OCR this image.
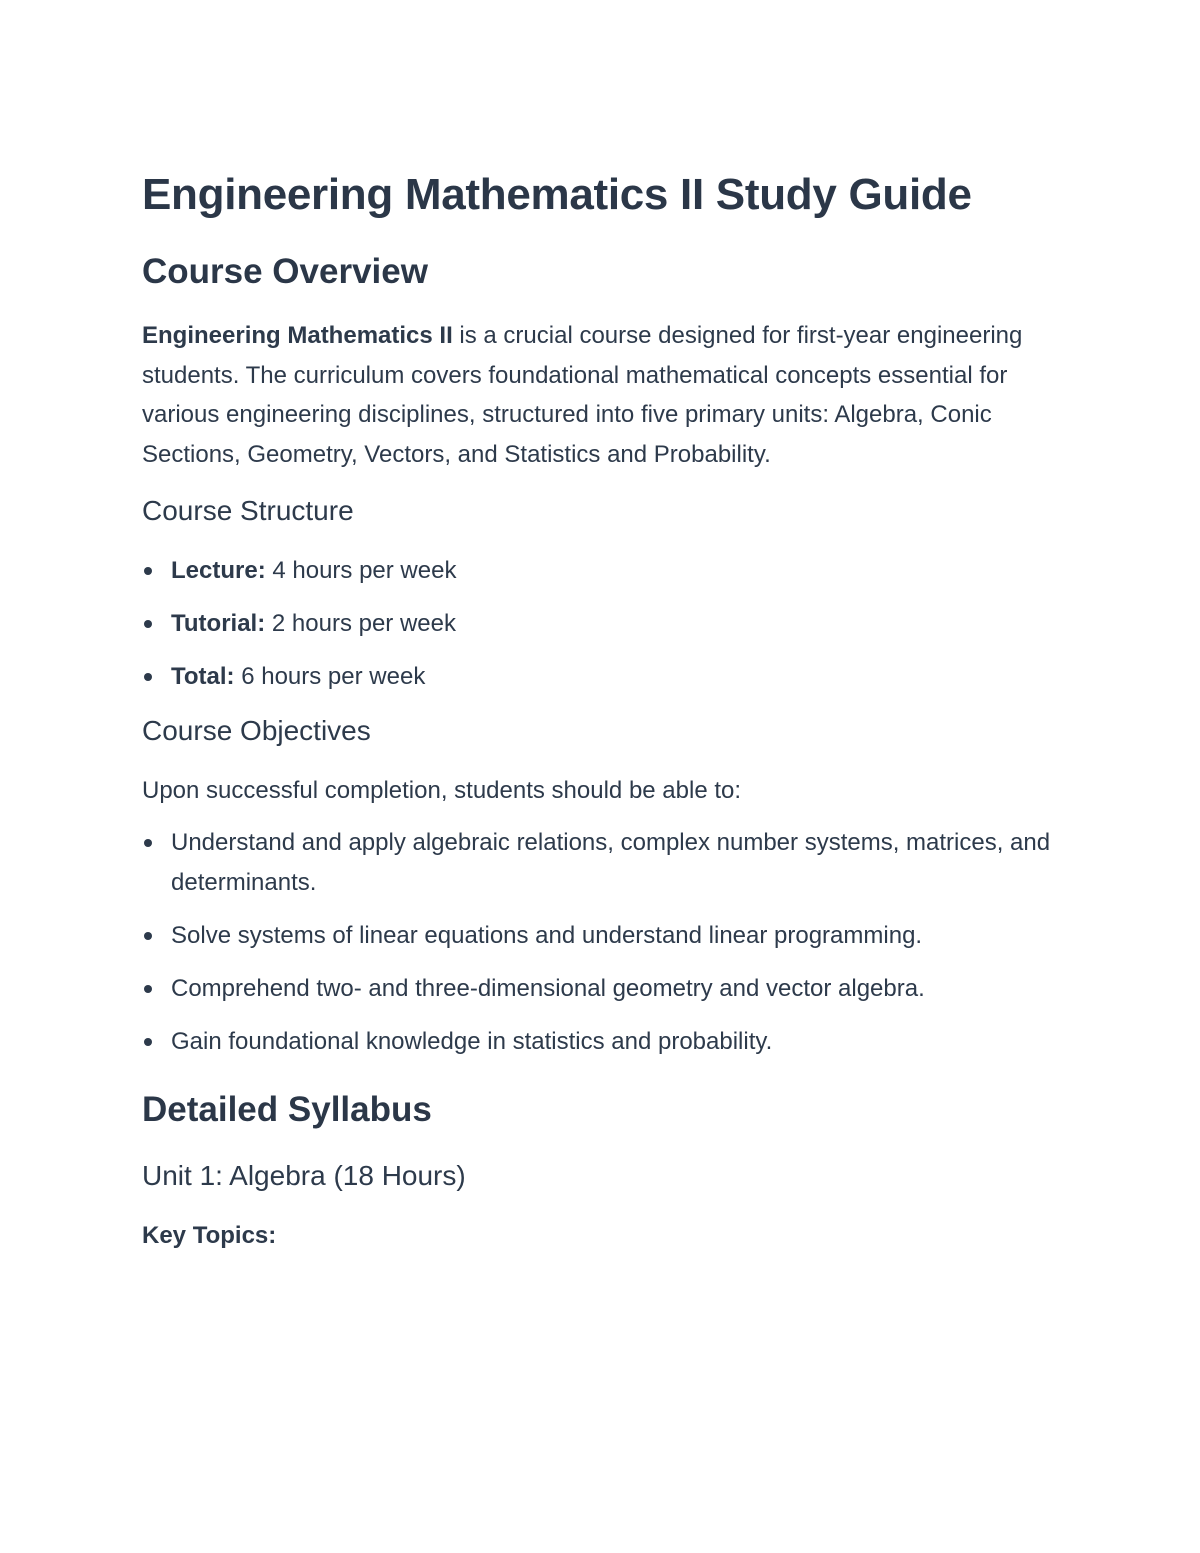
Engineering Mathematics II Study Guide
Course Overview

Engineering Mathematics II is a crucial course designed for first-year engineering students. The curriculum covers foundational mathematical concepts essential for various engineering disciplines, structured into five primary units: Algebra, Conic Sections, Geometry, Vectors, and Statistics and Probability.

Course Structure
Lecture: 4 hours per week
Tutorial: 2 hours per week
Total: 6 hours per week
Course Objectives

Upon successful completion, students should be able to:

Understand and apply algebraic relations, complex number systems, matrices, and determinants.
Solve systems of linear equations and understand linear programming.
Comprehend two- and three-dimensional geometry and vector algebra.
Gain foundational knowledge in statistics and probability.
Detailed Syllabus
Unit 1: Algebra (18 Hours)

Key Topics:
